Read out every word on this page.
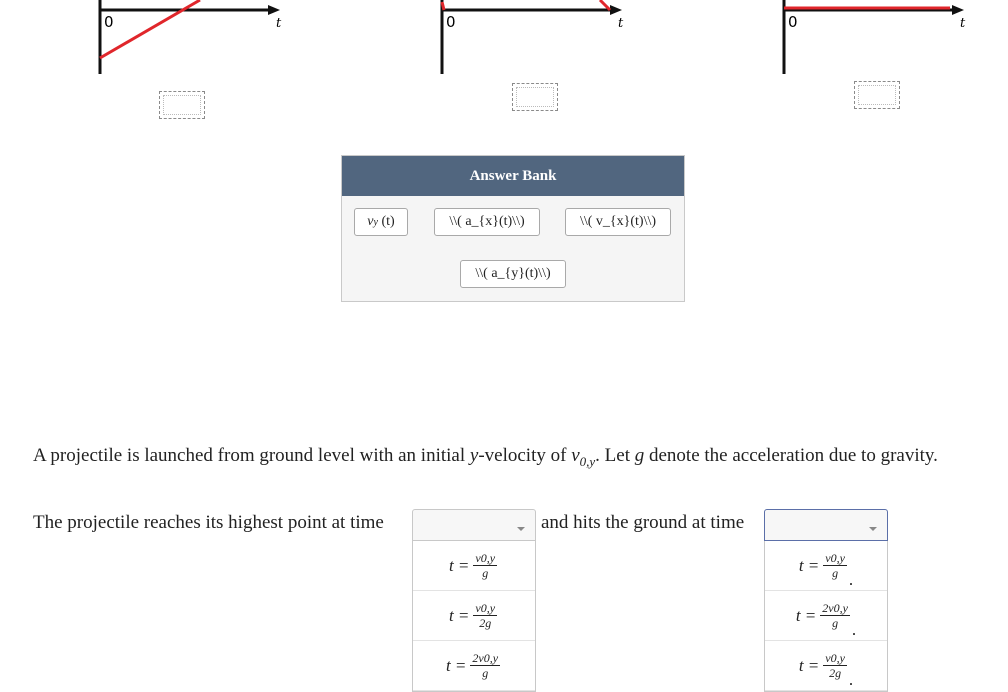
0	t	0	t	0	t
Answer Bank
v y
(t)	\\( a_{x}(t)\\)	\\( v_{x}(t)\\)
\\( a_{y}(t)\\)
A projectile is launched from ground level with an initial y-velocity of $v_{0,y}$. Let g denote the acceleration due to gravity.
The projectile reaches its highest point at time	and hits the ground at time
$t = \frac{v0,y}{g}$
$t = \frac{v0,y}{2g}$
$t = \frac{2v0,y}{g}$
$t = \frac{v0,y}{g}$ .
$t = \frac{2v0,y}{g}$ .
$t = \frac{v0,y}{2g}$ .
